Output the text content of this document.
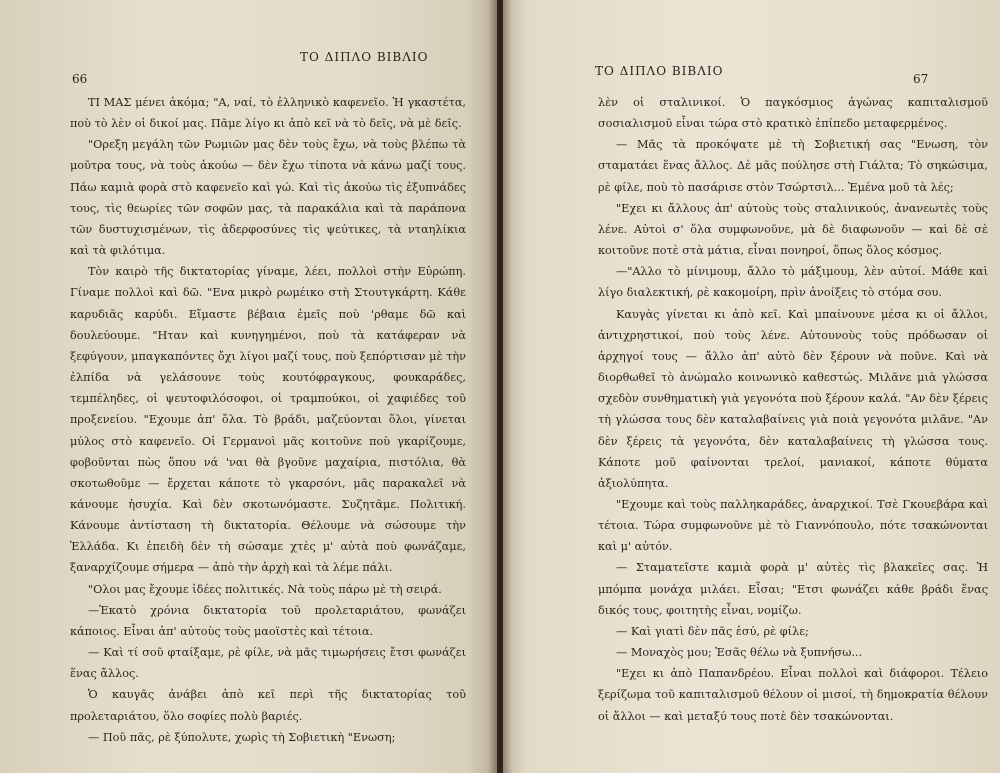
ΤΟ ΔΙΠΛΟ ΒΙΒΛΙΟ
66

ΤΙ ΜΑΣ μένει ἀκόμα; "Α, ναί, τὸ ἑλληνικὸ καφενεῖο. Ἡ γκαστέτα, ποὺ τὸ λὲν οἱ δικοί μας. Πᾶμε λίγο κι ἀπὸ κεῖ νὰ τὸ δεῖς, νὰ μὲ δεῖς.

"Ορεξη μεγάλη τῶν Ρωμιῶν μας δὲν τοὺς ἔχω, νὰ τοὺς βλέπω τὰ μοῦτρα τους, νὰ τοὺς ἀκούω — δὲν ἔχω τίποτα νὰ κάνω μαζί τους. Πάω καμιὰ φορὰ στὸ καφενεῖο καὶ γώ. Καὶ τὶς ἀκούω τὶς ἐξυπνάδες τους, τὶς θεωρίες τῶν σοφῶν μας, τὰ παρακάλια καὶ τὰ παράπονα τῶν δυστυχισμένων, τὶς ἀδερφοσύνες τὶς ψεύτικες, τὰ νταηλίκια καὶ τὰ φιλότιμα.

Τὸν καιρὸ τῆς δικτατορίας γίναμε, λέει, πολλοὶ στὴν Εὐρώπη. Γίναμε πολλοὶ καὶ δῶ. "Ενα μικρὸ ρωμέικο στὴ Στουτγκάρτη. Κάθε καρυδιᾶς καρύδι. Εἴμαστε βέβαια ἐμεῖς ποὺ 'ρθαμε δῶ καὶ δουλεύουμε. "Ηταν καὶ κυνηγημένοι, ποὺ τὰ κατάφεραν νὰ ξεφύγουν, μπαγκαπόντες ὄχι λίγοι μαζί τους, ποὺ ξεπόρτισαν μὲ τὴν ἐλπίδα νὰ γελάσουνε τοὺς κουτόφραγκους, φουκαράδες, τεμπέληδες, οἱ ψευτοφιλόσοφοι, οἱ τραμπούκοι, οἱ χαφιέδες τοῦ προξενείου. "Εχουμε ἀπ' ὅλα. Τὸ βράδι, μαζεύονται ὅλοι, γίνεται μύλος στὸ καφενεῖο. Οἱ Γερμανοὶ μᾶς κοιτοῦνε ποὺ γκαρίζουμε, φοβοῦνται πὼς ὅπου νά 'ναι θὰ βγοῦνε μαχαίρια, πιστόλια, θὰ σκοτωθοῦμε — ἔρχεται κάποτε τὸ γκαρσόνι, μᾶς παρακαλεῖ νὰ κάνουμε ἡσυχία. Καὶ δὲν σκοτωνόμαστε. Συζητᾶμε. Πολιτική. Κάνουμε ἀντίσταση τὴ δικτατορία. Θέλουμε νὰ σώσουμε τὴν Ἑλλάδα. Κι ἐπειδὴ δὲν τὴ σώσαμε χτὲς μ' αὐτὰ ποὺ φωνάζαμε, ξαναρχίζουμε σήμερα — ἀπὸ τὴν ἀρχὴ καὶ τὰ λέμε πάλι.

"Ολοι μας ἔχουμε ἰδέες πολιτικές. Νὰ τοὺς πάρω μὲ τὴ σειρά.

—Ἑκατὸ χρόνια δικτατορία τοῦ προλεταριάτου, φωνάζει κάποιος. Εἶναι ἀπ' αὐτοὺς τοὺς μαοϊστὲς καὶ τέτοια.

— Καὶ τί σοῦ φταίξαμε, ρὲ φίλε, νὰ μᾶς τιμωρήσεις ἔτσι φωνάζει ἕνας ἄλλος.

Ὁ καυγᾶς ἀνάβει ἀπὸ κεῖ περὶ τῆς δικτατορίας τοῦ προλεταριάτου, ὅλο σοφίες πολὺ βαριές.

— Ποῦ πᾶς, ρὲ ξύπολυτε, χωρὶς τὴ Σοβιετικὴ "Ενωση;

ΤΟ ΔΙΠΛΟ ΒΙΒΛΙΟ
67

λὲν οἱ σταλινικοί. Ὁ παγκόσμιος ἀγώνας καπιταλισμοῦ σοσιαλισμοῦ εἶναι τώρα στὸ κρατικὸ ἐπίπεδο μεταφερμένος.

— Μᾶς τὰ προκόψατε μὲ τὴ Σοβιετική σας "Ενωση, τὸν σταματάει ἕνας ἄλλος. Δὲ μᾶς πούλησε στὴ Γιάλτα; Τὸ σηκώσιμα, ρὲ φίλε, ποὺ τὸ πασάρισε στὸν Τσώρτσιλ... Ἐμένα μοῦ τὰ λές;

"Εχει κι ἄλλους ἀπ' αὐτοὺς τοὺς σταλινικούς, ἀνανεωτὲς τοὺς λένε. Αὐτοὶ σ' ὅλα συμφωνοῦνε, μὰ δὲ διαφωνοῦν — καὶ δὲ σὲ κοιτοῦνε ποτὲ στὰ μάτια, εἶναι πονηροί, ὅπως ὅλος κόσμος.

—"Αλλο τὸ μίνιμουμ, ἄλλο τὸ μάξιμουμ, λὲν αὐτοί. Μάθε καὶ λίγο διαλεκτική, ρὲ κακομοίρη, πρὶν ἀνοίξεις τὸ στόμα σου.

Καυγὰς γίνεται κι ἀπὸ κεῖ. Καὶ μπαίνουνε μέσα κι οἱ ἄλλοι, ἀντιχρηστικοί, ποὺ τοὺς λένε. Αὐτουνοὺς τοὺς πρόδωσαν οἱ ἀρχηγοί τους — ἄλλο ἀπ' αὐτὸ δὲν ξέρουν νὰ ποῦνε. Καὶ νὰ διορθωθεῖ τὸ ἀνώμαλο κοινωνικὸ καθεστώς. Μιλᾶνε μιὰ γλώσσα σχεδὸν συνθηματικὴ γιὰ γεγονότα ποὺ ξέρουν καλά. "Αν δὲν ξέρεις τὴ γλώσσα τους δὲν καταλαβαίνεις γιὰ ποιὰ γεγονότα μιλᾶνε. "Αν δὲν ξέρεις τὰ γεγονότα, δὲν καταλαβαίνεις τὴ γλώσσα τους. Κάποτε μοῦ φαίνονται τρελοί, μανιακοί, κάποτε θύματα ἀξιολύπητα.

"Εχουμε καὶ τοὺς παλληκαράδες, ἀναρχικοί. Τσὲ Γκουεβάρα καὶ τέτοια. Τώρα συμφωνοῦνε μὲ τὸ Γιαννόπουλο, πότε τσακώνονται καὶ μ' αὐτόν.

— Σταματεῖστε καμιὰ φορὰ μ' αὐτὲς τὶς βλακεῖες σας. Ἡ μπόμπα μονάχα μιλάει. Εἶσαι; "Ετσι φωνάζει κάθε βράδι ἕνας δικός τους, φοιτητὴς εἶναι, νομίζω.

— Καὶ γιατὶ δὲν πᾶς ἐσύ, ρὲ φίλε;

— Μοναχὸς μου; Ἐσᾶς θέλω νὰ ξυπνήσω...

"Εχει κι ἀπὸ Παπανδρέου. Εἶναι πολλοὶ καὶ διάφοροι. Τέλειο ξερίζωμα τοῦ καπιταλισμοῦ θέλουν οἱ μισοί, τὴ δημοκρατία θέλουν οἱ ἄλλοι — καὶ μεταξύ τους ποτὲ δὲν τσακώνονται.
